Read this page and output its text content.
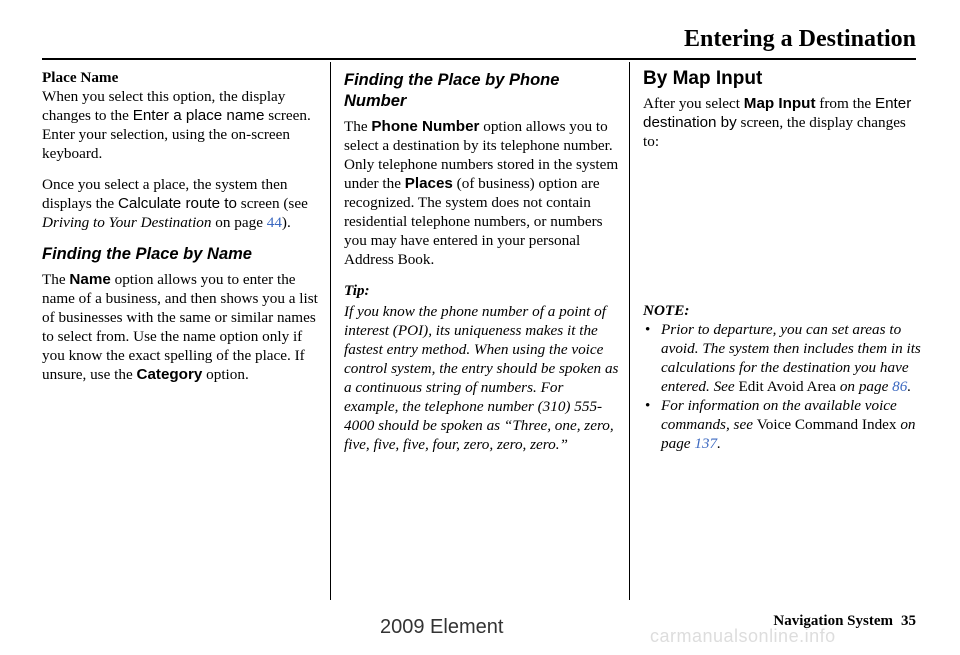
Entering a Destination

Place Name

When you select this option, the display changes to the Enter a place name screen. Enter your selection, using the on-screen keyboard.

Once you select a place, the system then displays the Calculate route to screen (see Driving to Your Destination on page 44).

Finding the Place by Name

The Name option allows you to enter the name of a business, and then shows you a list of businesses with the same or similar names to select from. Use the name option only if you know the exact spelling of the place. If unsure, use the Category option.

Finding the Place by Phone Number

The Phone Number option allows you to select a destination by its telephone number. Only telephone numbers stored in the system under the Places (of business) option are recognized. The system does not contain residential telephone numbers, or numbers you may have entered in your personal Address Book.

Tip:

If you know the phone number of a point of interest (POI), its uniqueness makes it the fastest entry method. When using the voice control system, the entry should be spoken as a continuous string of numbers. For example, the telephone number (310) 555-4000 should be spoken as “Three, one, zero, five, five, five, four, zero, zero, zero.”

By Map Input

After you select Map Input from the Enter destination by screen, the display changes to:

NOTE:

• Prior to departure, you can set areas to avoid. The system then includes them in its calculations for the destination you have entered. See Edit Avoid Area on page 86.
• For information on the available voice commands, see Voice Command Index on page 137.
Navigation System 35
2009 Element	carmanualsonline.info
